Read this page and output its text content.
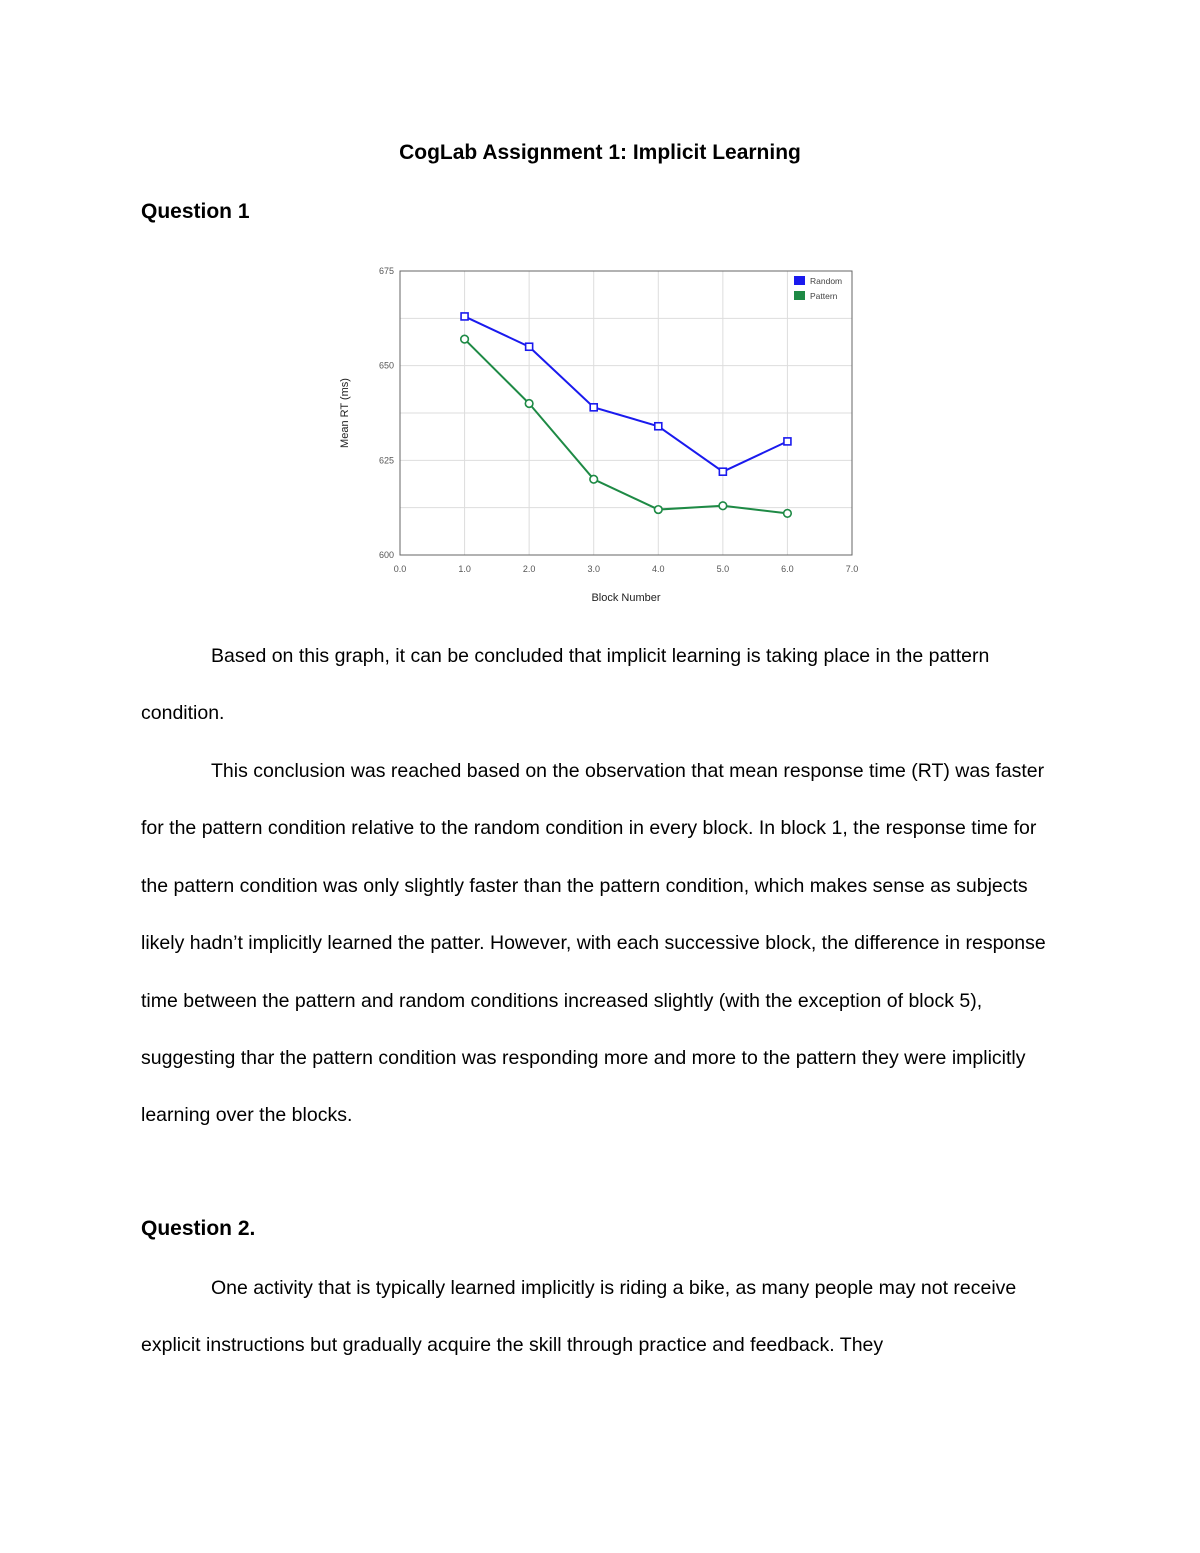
CogLab Assignment 1: Implicit Learning
Question 1
0.0	1.0	2.0	3.0	4.0	5.0	6.0	7.0
600
625
650
675
Block Number
Mean RT (ms)
Random
Pattern

Based on this graph, it can be concluded that implicit learning is taking place in the pattern condition.

This conclusion was reached based on the observation that mean response time (RT) was faster for the pattern condition relative to the random condition in every block. In block 1, the response time for the pattern condition was only slightly faster than the pattern condition, which makes sense as subjects likely hadn’t implicitly learned the patter. However, with each successive block, the difference in response time between the pattern and random conditions increased slightly (with the exception of block 5), suggesting thar the pattern condition was responding more and more to the pattern they were implicitly learning over the blocks.

Question 2.

One activity that is typically learned implicitly is riding a bike, as many people may not receive explicit instructions but gradually acquire the skill through practice and feedback. They
